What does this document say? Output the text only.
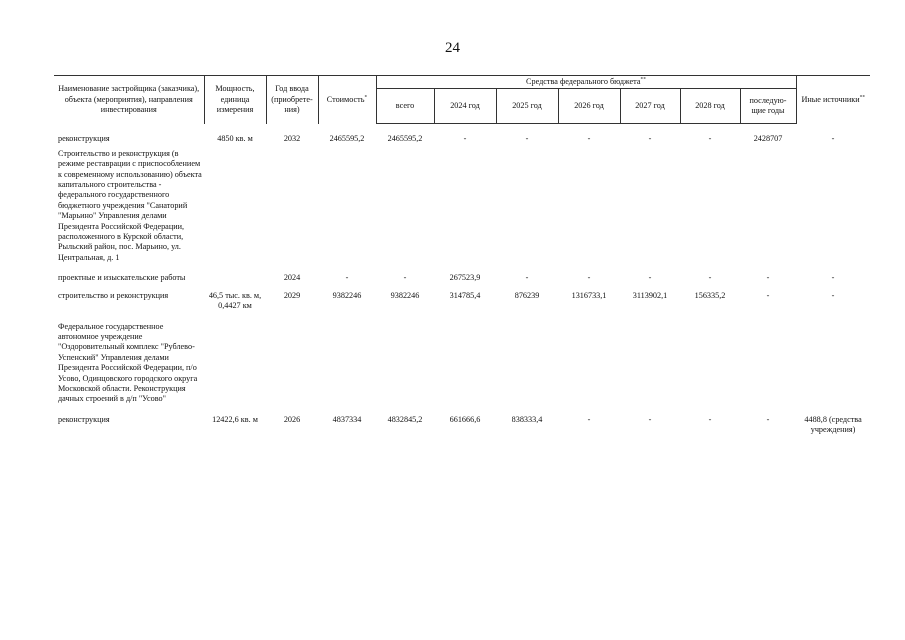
24
Наименование застройщика (заказчика), объекта (мероприятия), направления инвестирования	Мощность, единица измерения	Год ввода (приобрете-ния)	Стоимость*	Средства федерального бюджета**							Иные источники**
				всего	2024 год	2025 год	2026 год	2027 год	2028 год	последую-щие годы	

реконструкция	4850 кв. м	2032	2465595,2	2465595,2	-	-	-	-	-	2428707	-

Строительство и реконструкция (в режиме реставрации с приспособлением к современному использованию) объекта капитального строительства - федерального государственного бюджетного учреждения "Санаторий "Марьино" Управления делами Президента Российской Федерации, расположенного в Курской области, Рыльский район, пос. Марьино, ул. Центральная, д. 1											

проектные и изыскательские работы		2024	-	-	267523,9	-	-	-	-	-	-

строительство и реконструкция	46,5 тыс. кв. м, 0,4427 км	2029	9382246	9382246	314785,4	876239	1316733,1	3113902,1	156335,2	-	-

Федеральное государственное автономное учреждение "Оздоровительный комплекс "Рублево-Успенский" Управления делами Президента Российской Федерации, п/о Усово, Одинцовского городского округа Московской области. Реконструкция дачных строений в д/п "Усово"											

реконструкция	12422,6 кв. м	2026	4837334	4832845,2	661666,6	838333,4	-	-	-	-	4488,8 (средства учреждения)
